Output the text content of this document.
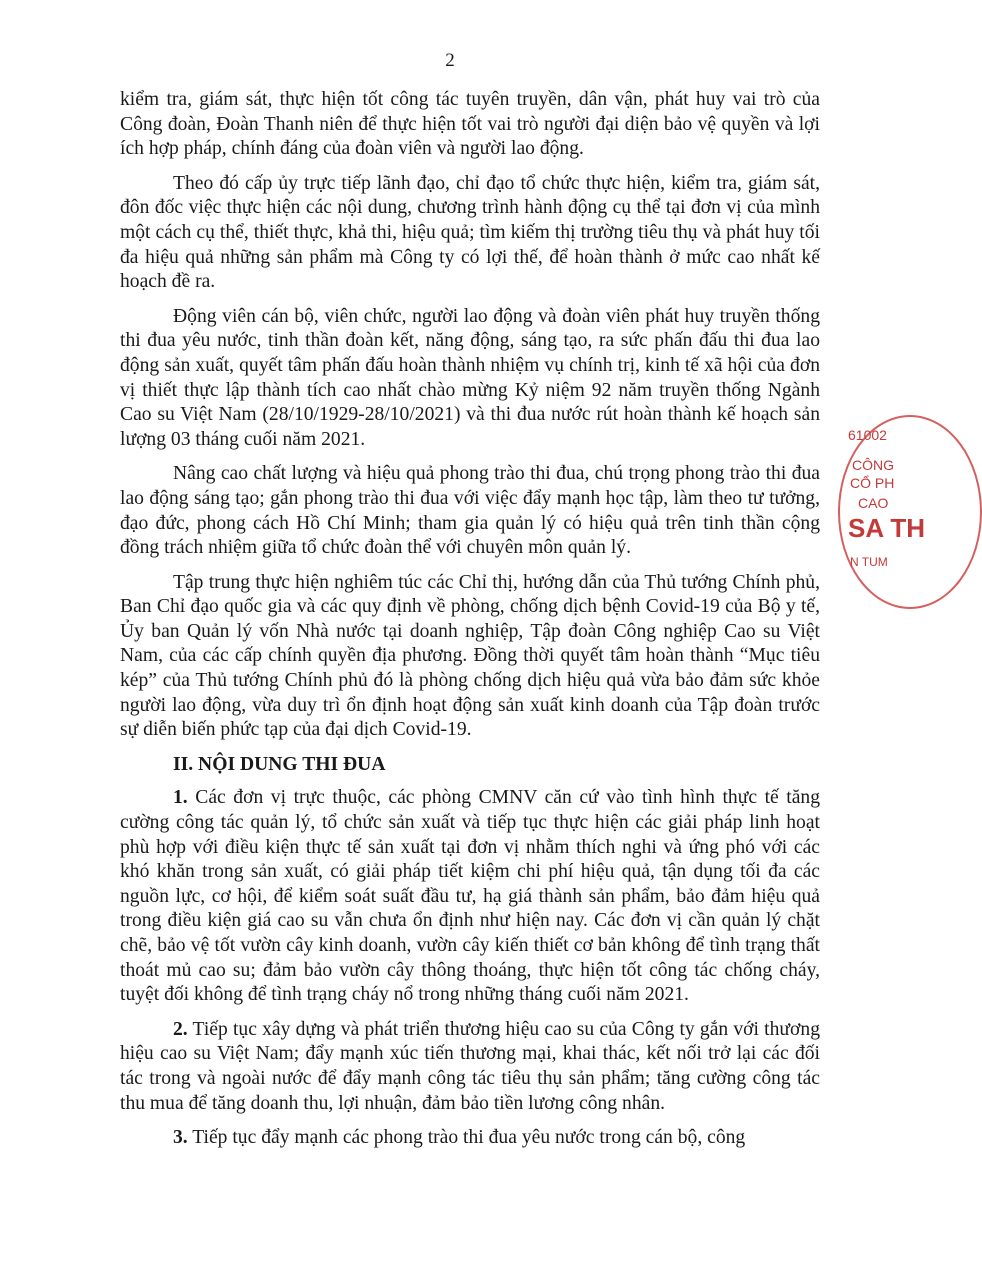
2

kiểm tra, giám sát, thực hiện tốt công tác tuyên truyền, dân vận, phát huy vai trò của Công đoàn, Đoàn Thanh niên để thực hiện tốt vai trò người đại diện bảo vệ quyền và lợi ích hợp pháp, chính đáng của đoàn viên và người lao động.

Theo đó cấp ủy trực tiếp lãnh đạo, chỉ đạo tổ chức thực hiện, kiểm tra, giám sát, đôn đốc việc thực hiện các nội dung, chương trình hành động cụ thể tại đơn vị của mình một cách cụ thể, thiết thực, khả thi, hiệu quả; tìm kiếm thị trường tiêu thụ và phát huy tối đa hiệu quả những sản phẩm mà Công ty có lợi thế, để hoàn thành ở mức cao nhất kế hoạch đề ra.

Động viên cán bộ, viên chức, người lao động và đoàn viên phát huy truyền thống thi đua yêu nước, tinh thần đoàn kết, năng động, sáng tạo, ra sức phấn đấu thi đua lao động sản xuất, quyết tâm phấn đấu hoàn thành nhiệm vụ chính trị, kinh tế xã hội của đơn vị thiết thực lập thành tích cao nhất chào mừng Kỷ niệm 92 năm truyền thống Ngành Cao su Việt Nam (28/10/1929-28/10/2021) và thi đua nước rút hoàn thành kế hoạch sản lượng 03 tháng cuối năm 2021.

Nâng cao chất lượng và hiệu quả phong trào thi đua, chú trọng phong trào thi đua lao động sáng tạo; gắn phong trào thi đua với việc đẩy mạnh học tập, làm theo tư tưởng, đạo đức, phong cách Hồ Chí Minh; tham gia quản lý có hiệu quả trên tinh thần cộng đồng trách nhiệm giữa tổ chức đoàn thể với chuyên môn quản lý.

Tập trung thực hiện nghiêm túc các Chỉ thị, hướng dẫn của Thủ tướng Chính phủ, Ban Chỉ đạo quốc gia và các quy định về phòng, chống dịch bệnh Covid-19 của Bộ y tế, Ủy ban Quản lý vốn Nhà nước tại doanh nghiệp, Tập đoàn Công nghiệp Cao su Việt Nam, của các cấp chính quyền địa phương. Đồng thời quyết tâm hoàn thành “Mục tiêu kép” của Thủ tướng Chính phủ đó là phòng chống dịch hiệu quả vừa bảo đảm sức khỏe người lao động, vừa duy trì ổn định hoạt động sản xuất kinh doanh của Tập đoàn trước sự diễn biến phức tạp của đại dịch Covid-19.

II. NỘI DUNG THI ĐUA

1. Các đơn vị trực thuộc, các phòng CMNV căn cứ vào tình hình thực tế tăng cường công tác quản lý, tổ chức sản xuất và tiếp tục thực hiện các giải pháp linh hoạt phù hợp với điều kiện thực tế sản xuất tại đơn vị nhằm thích nghi và ứng phó với các khó khăn trong sản xuất, có giải pháp tiết kiệm chi phí hiệu quả, tận dụng tối đa các nguồn lực, cơ hội, để kiểm soát suất đầu tư, hạ giá thành sản phẩm, bảo đảm hiệu quả trong điều kiện giá cao su vẫn chưa ổn định như hiện nay. Các đơn vị cần quản lý chặt chẽ, bảo vệ tốt vườn cây kinh doanh, vườn cây kiến thiết cơ bản không để tình trạng thất thoát mủ cao su; đảm bảo vườn cây thông thoáng, thực hiện tốt công tác chống cháy, tuyệt đối không để tình trạng cháy nổ trong những tháng cuối năm 2021.

2. Tiếp tục xây dựng và phát triển thương hiệu cao su của Công ty gắn với thương hiệu cao su Việt Nam; đẩy mạnh xúc tiến thương mại, khai thác, kết nối trở lại các đối tác trong và ngoài nước để đẩy mạnh công tác tiêu thụ sản phẩm; tăng cường công tác thu mua để tăng doanh thu, lợi nhuận, đảm bảo tiền lương công nhân.

3. Tiếp tục đẩy mạnh các phong trào thi đua yêu nước trong cán bộ, công

61002
CÔNG
CỔ PH
CAO
SA TH
N TUM
